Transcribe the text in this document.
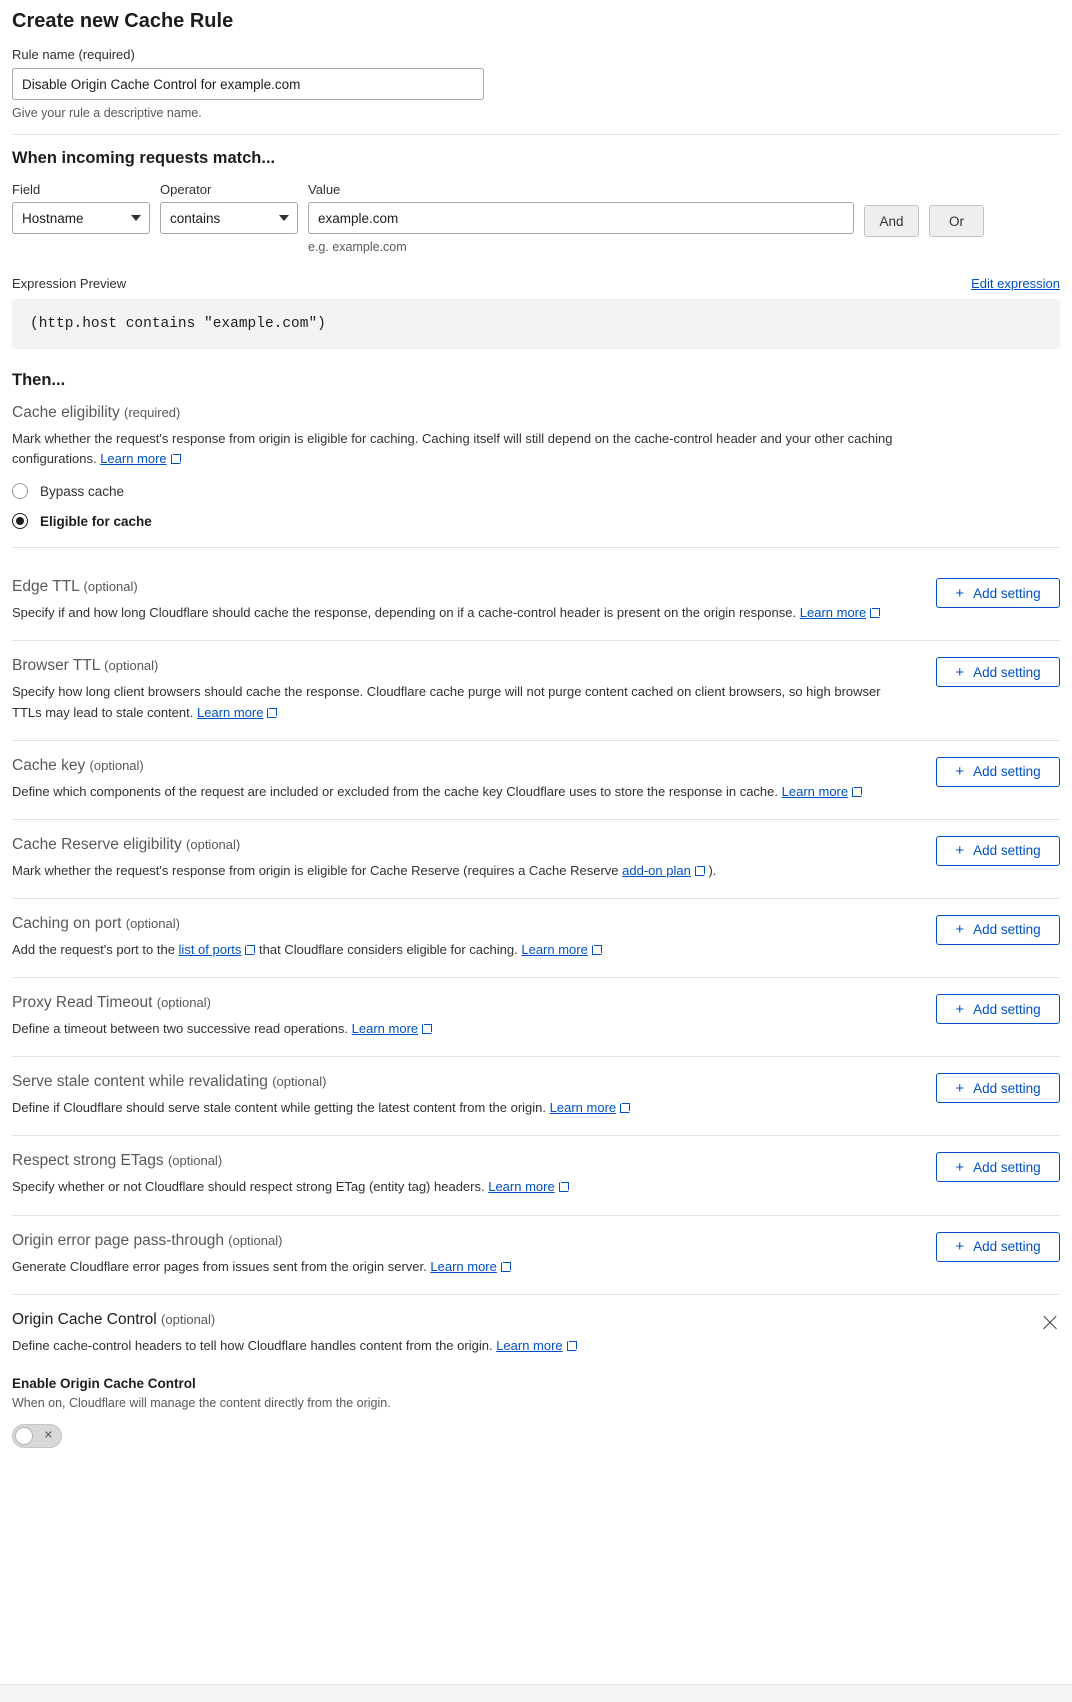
Create new Cache Rule
Rule name (required)
Disable Origin Cache Control for example.com
Give your rule a descriptive name.
When incoming requests match...
Field
Hostname
Operator
contains
Value
example.com
e.g. example.com
And	Or
Expression Preview	Edit expression
(http.host contains "example.com")
Then...
Cache eligibility (required)
Mark whether the request's response from origin is eligible for caching. Caching itself will still depend on the cache-control header and your other caching configurations. Learn more
Bypass cache
Eligible for cache
Edge TTL (optional)
Specify if and how long Cloudflare should cache the response, depending on if a cache-control header is present on the origin response. Learn more
+ Add setting
Browser TTL (optional)
Specify how long client browsers should cache the response. Cloudflare cache purge will not purge content cached on client browsers, so high browser TTLs may lead to stale content. Learn more
+ Add setting
Cache key (optional)
Define which components of the request are included or excluded from the cache key Cloudflare uses to store the response in cache. Learn more
+ Add setting
Cache Reserve eligibility (optional)
Mark whether the request's response from origin is eligible for Cache Reserve (requires a Cache Reserve add-on plan ).
+ Add setting
Caching on port (optional)
Add the request's port to the list of ports that Cloudflare considers eligible for caching. Learn more
+ Add setting
Proxy Read Timeout (optional)
Define a timeout between two successive read operations. Learn more
+ Add setting
Serve stale content while revalidating (optional)
Define if Cloudflare should serve stale content while getting the latest content from the origin. Learn more
+ Add setting
Respect strong ETags (optional)
Specify whether or not Cloudflare should respect strong ETag (entity tag) headers. Learn more
+ Add setting
Origin error page pass-through (optional)
Generate Cloudflare error pages from issues sent from the origin server. Learn more
+ Add setting
Origin Cache Control (optional)
Define cache-control headers to tell how Cloudflare handles content from the origin. Learn more
Enable Origin Cache Control
When on, Cloudflare will manage the content directly from the origin.
✕
